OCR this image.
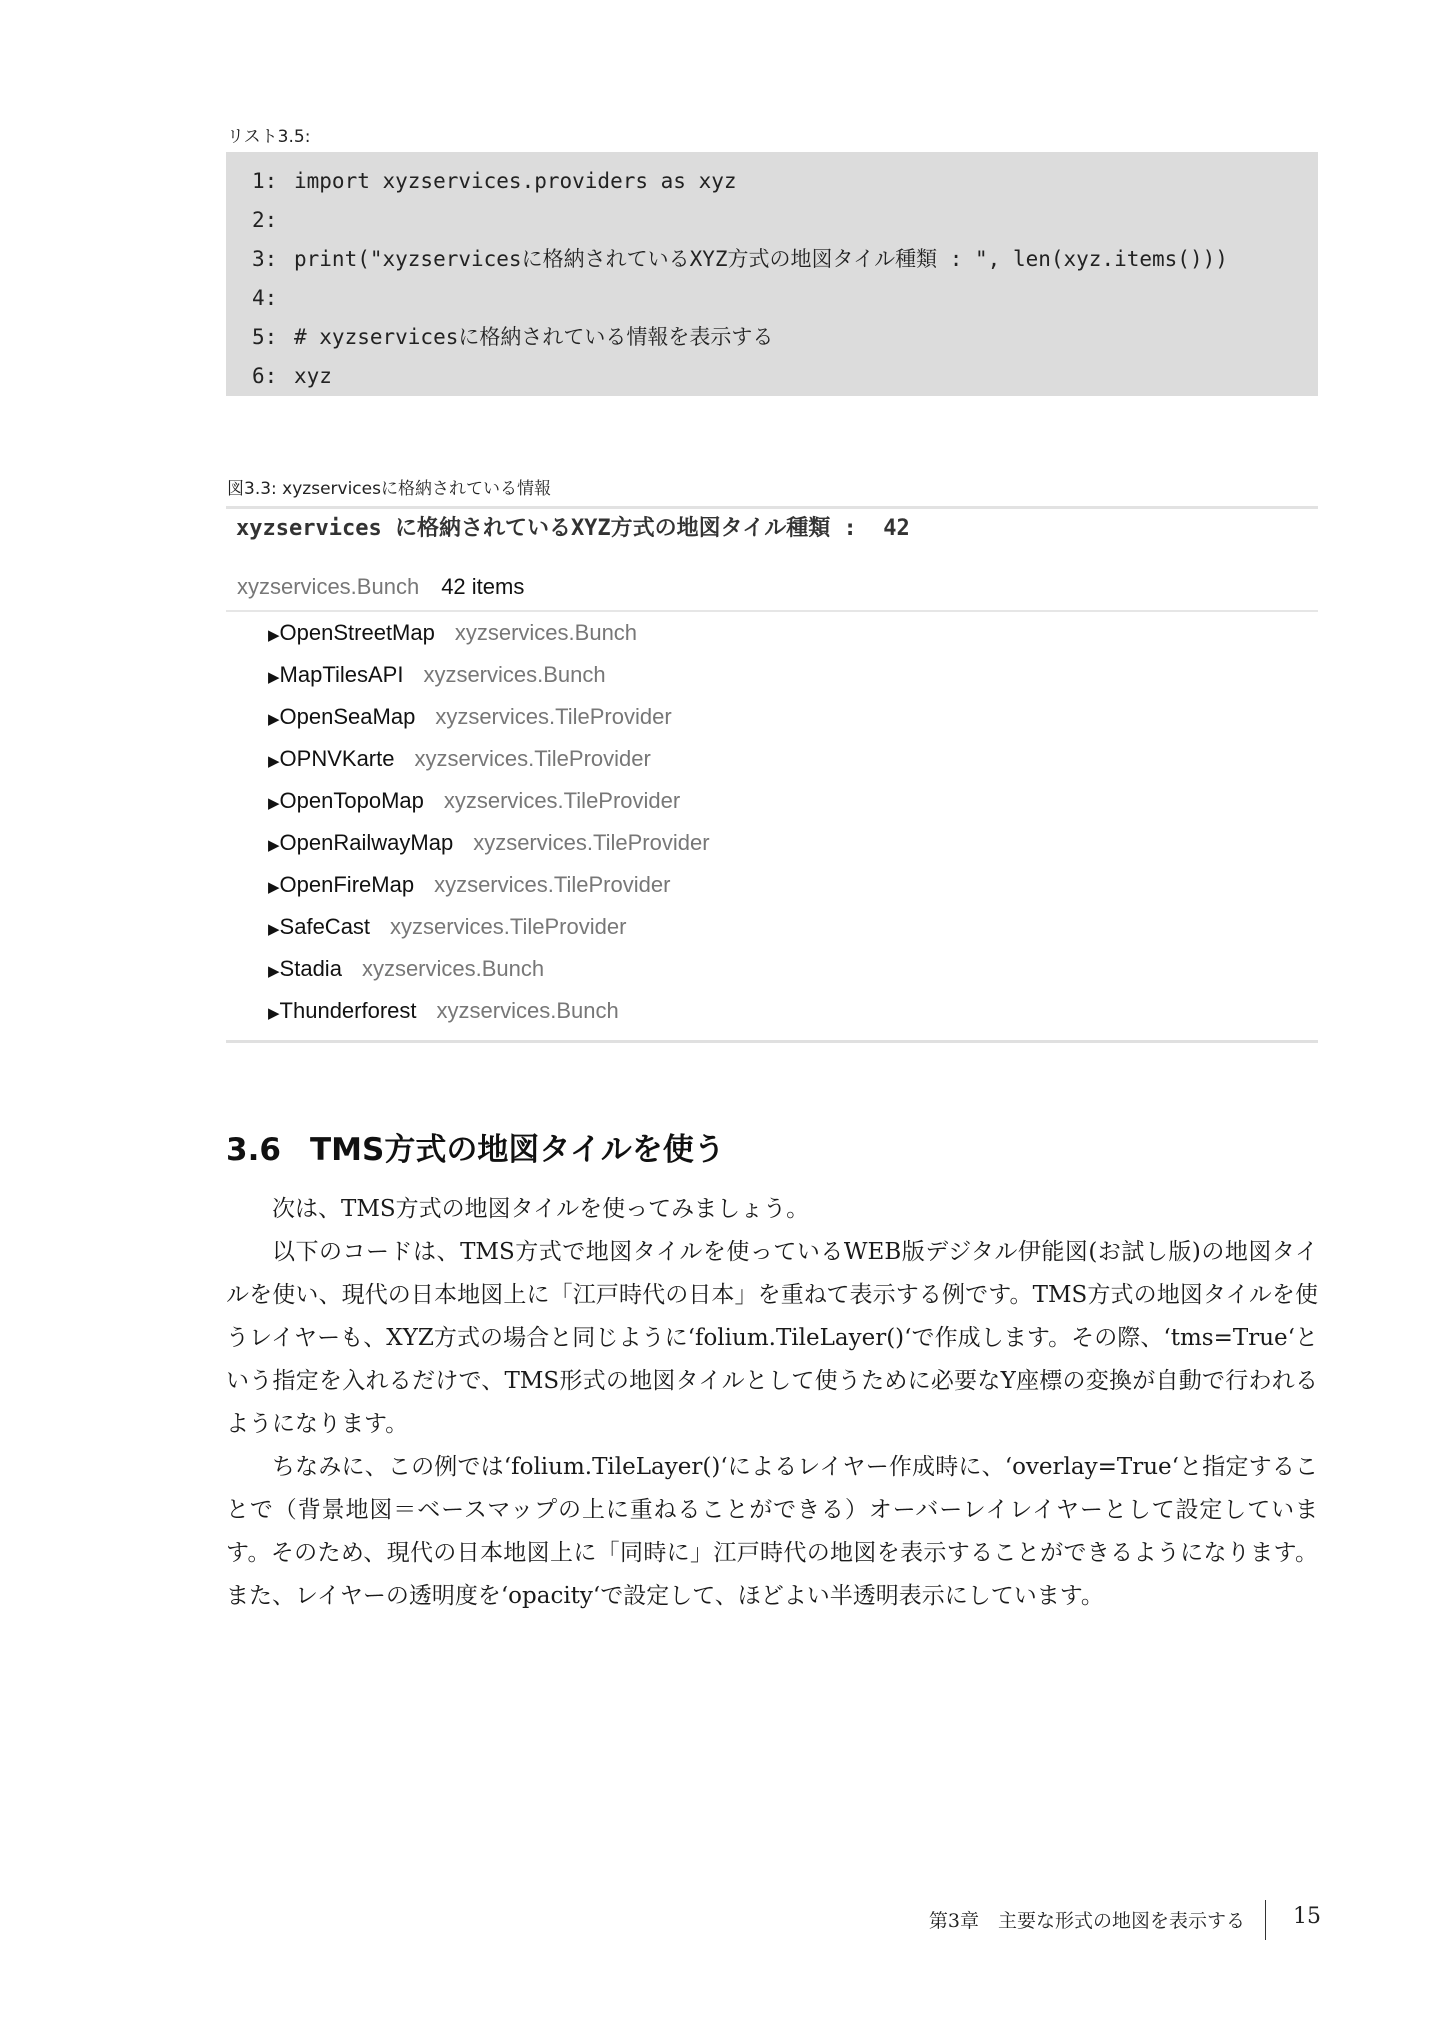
リスト3.5:
1: import xyzservices.providers as xyz
2:
3: print("xyzservicesに格納されているXYZ方式の地図タイル種類 : ", len(xyz.items()))
4:
5: # xyzservicesに格納されている情報を表示する
6: xyz
図3.3: xyzservicesに格納されている情報
xyzservices に格納されているXYZ方式の地図タイル種類 :  42
xyzservices.Bunch 42 items
▶OpenStreetMap xyzservices.Bunch
▶MapTilesAPI xyzservices.Bunch
▶OpenSeaMap xyzservices.TileProvider
▶OPNVKarte xyzservices.TileProvider
▶OpenTopoMap xyzservices.TileProvider
▶OpenRailwayMap xyzservices.TileProvider
▶OpenFireMap xyzservices.TileProvider
▶SafeCast xyzservices.TileProvider
▶Stadia xyzservices.Bunch
▶Thunderforest xyzservices.Bunch
3.6 TMS方式の地図タイルを使う

次は、TMS方式の地図タイルを使ってみましょう。

以下のコードは、TMS方式で地図タイルを使っているWEB版デジタル伊能図(お試し版)の地図タイルを使い、現代の日本地図上に「江戸時代の日本」を重ねて表示する例です。TMS方式の地図タイルを使うレイヤーも、XYZ方式の場合と同じように‘folium.TileLayer()‘で作成します。その際、‘tms=True‘という指定を入れるだけで、TMS形式の地図タイルとして使うために必要なY座標の変換が自動で行われるようになります。

ちなみに、この例では‘folium.TileLayer()‘によるレイヤー作成時に、‘overlay=True‘と指定することで（背景地図＝ベースマップの上に重ねることができる）オーバーレイレイヤーとして設定しています。そのため、現代の日本地図上に「同時に」江戸時代の地図を表示することができるようになります。 また、レイヤーの透明度を‘opacity‘で設定して、ほどよい半透明表示にしています。

第3章　主要な形式の地図を表示する 15
